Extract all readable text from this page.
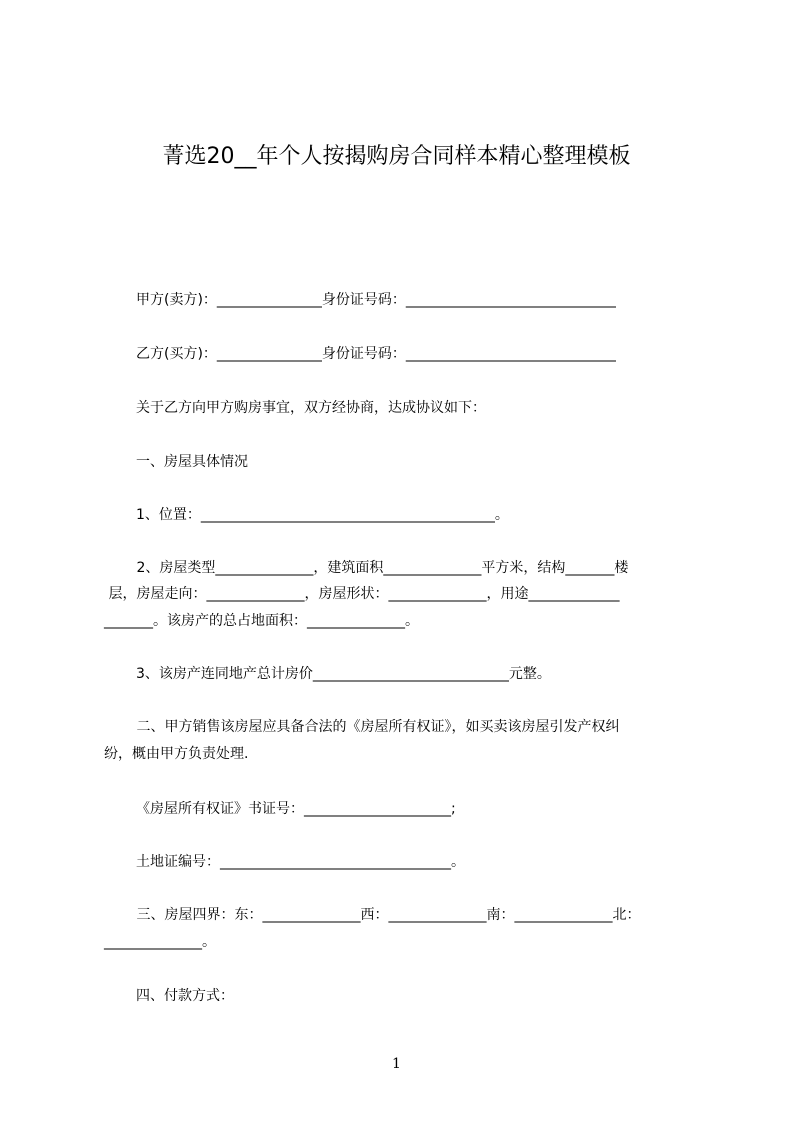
菁选20__年个人按揭购房合同样本精心整理模板
甲方(卖方)：_______________身份证号码：______________________________
乙方(买方)：_______________身份证号码：______________________________
关于乙方向甲方购房事宜，双方经协商，达成协议如下：
一、房屋具体情况
1、位置：__________________________________________。
2、房屋类型______________，建筑面积______________平方米，结构_______楼
层，房屋走向：______________，房屋形状：______________，用途_____________
_______。该房产的总占地面积：______________。
3、该房产连同地产总计房价____________________________元整。
二、甲方销售该房屋应具备合法的《房屋所有权证》，如买卖该房屋引发产权纠
纷，概由甲方负责处理.
《房屋所有权证》书证号：_____________________;
土地证编号：_________________________________。
三、房屋四界：东：______________西：______________南：______________北：
______________。
四、付款方式：
1
